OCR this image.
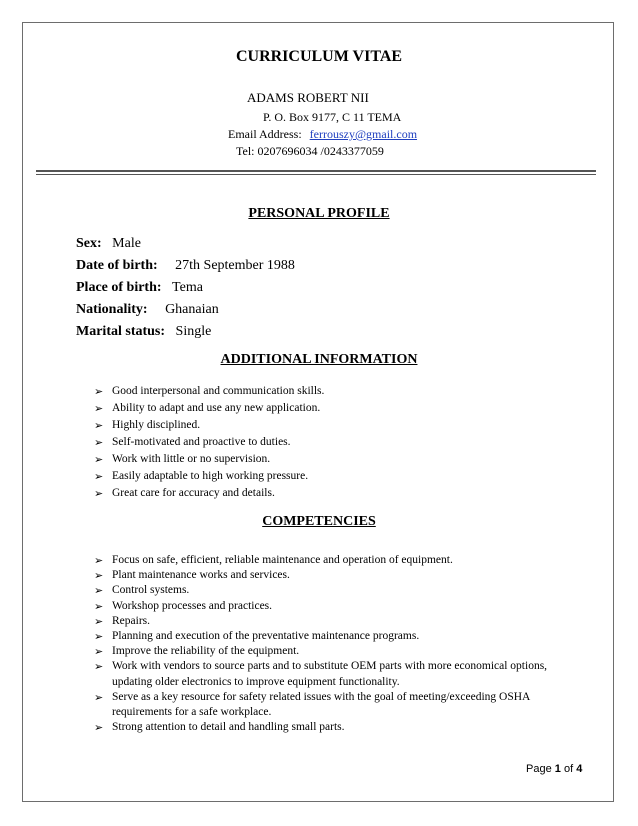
CURRICULUM VITAE
ADAMS ROBERT NII
P. O. Box 9177, C 11 TEMA
Email Address: ferrouszy@gmail.com
Tel: 0207696034 /0243377059
PERSONAL PROFILE
Sex: Male
Date of birth: 27th September 1988
Place of birth: Tema
Nationality: Ghanaian
Marital status: Single
ADDITIONAL INFORMATION
➢ Good interpersonal and communication skills.
➢ Ability to adapt and use any new application.
➢ Highly disciplined.
➢ Self-motivated and proactive to duties.
➢ Work with little or no supervision.
➢ Easily adaptable to high working pressure.
➢ Great care for accuracy and details.
COMPETENCIES
➢ Focus on safe, efficient, reliable maintenance and operation of equipment.
➢ Plant maintenance works and services.
➢ Control systems.
➢ Workshop processes and practices.
➢ Repairs.
➢ Planning and execution of the preventative maintenance programs.
➢ Improve the reliability of the equipment.
➢ Work with vendors to source parts and to substitute OEM parts with more economical options, updating older electronics to improve equipment functionality.
➢ Serve as a key resource for safety related issues with the goal of meeting/exceeding OSHA requirements for a safe workplace.
➢ Strong attention to detail and handling small parts.
Page 1 of 4
